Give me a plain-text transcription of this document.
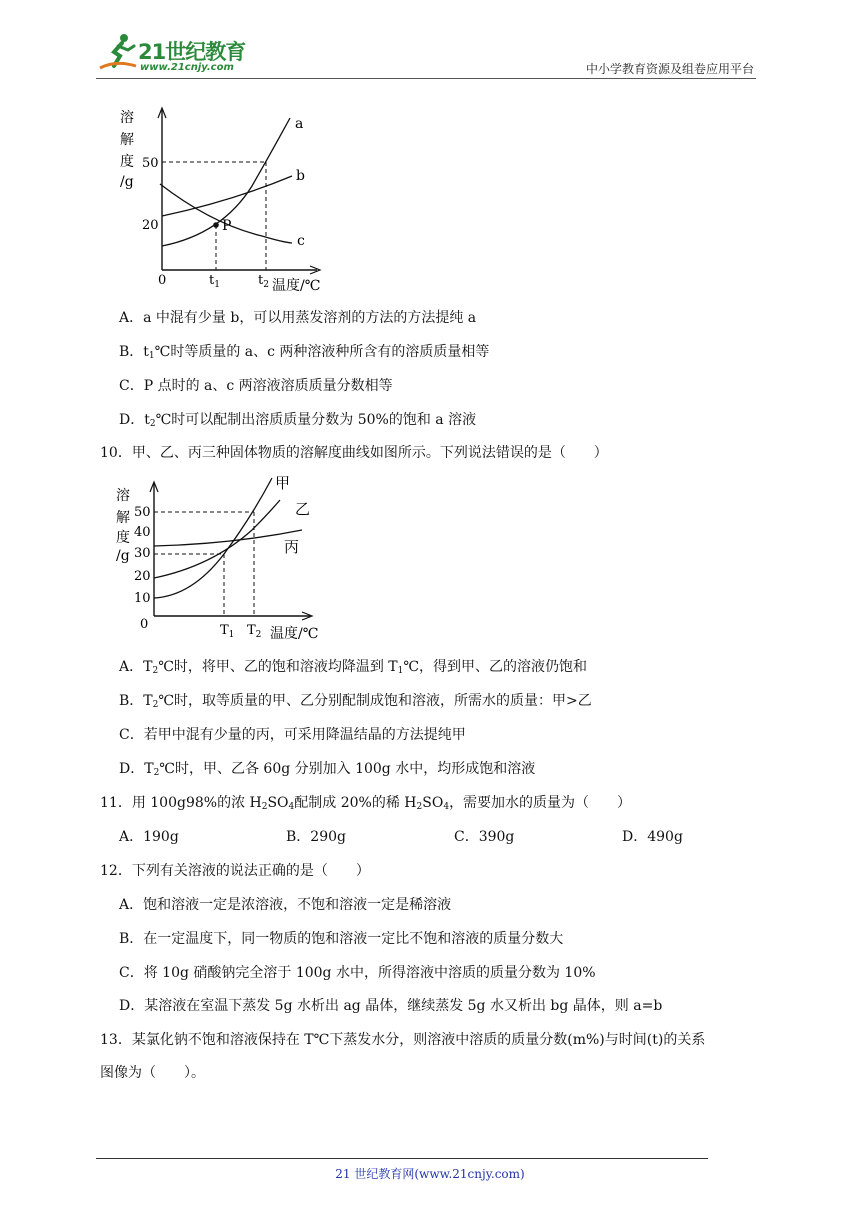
21世纪教育
www.21cnjy.com	中小学教育资源及组卷应用平台
溶
解
度
/g
50
20
0	$t_1$	$t_2$ 温度/℃
P
a
b
c
A．a 中混有少量 b，可以用蒸发溶剂的方法的方法提纯 a
B．$t_1℃$时等质量的 a、c 两种溶液种所含有的溶质质量相等
C．P 点时的 a、c 两溶液溶质质量分数相等
D．$t_2℃$时可以配制出溶质质量分数为 50%的饱和 a 溶液
10．甲、乙、丙三种固体物质的溶解度曲线如图所示。下列说法错误的是（　　）
溶
解
度
/g
50
40
30
20
10
0	$T_1$ $T_2$ 温度/℃
甲
乙
丙
A．$T_2℃$时，将甲、乙的饱和溶液均降温到 $T_1℃$，得到甲、乙的溶液仍饱和
B．$T_2℃$时，取等质量的甲、乙分别配制成饱和溶液，所需水的质量：甲>乙
C．若甲中混有少量的丙，可采用降温结晶的方法提纯甲
D．$T_2℃$时，甲、乙各 60g 分别加入 100g 水中，均形成饱和溶液
11．用 100g98%的浓 $H_2SO_4$配制成 20%的稀 $H_2SO_4$，需要加水的质量为（　　）
A．190g	B．290g	C．390g	D．490g
12．下列有关溶液的说法正确的是（　　）
A．饱和溶液一定是浓溶液，不饱和溶液一定是稀溶液
B．在一定温度下，同一物质的饱和溶液一定比不饱和溶液的质量分数大
C．将 10g 硝酸钠完全溶于 100g 水中，所得溶液中溶质的质量分数为 10%
D．某溶液在室温下蒸发 5g 水析出 ag 晶体，继续蒸发 5g 水又析出 bg 晶体，则 a=b
13．某氯化钠不饱和溶液保持在 T℃下蒸发水分，则溶液中溶质的质量分数(m%)与时间(t)的关系
图像为（　　）。
21 世纪教育网(www.21cnjy.com)
